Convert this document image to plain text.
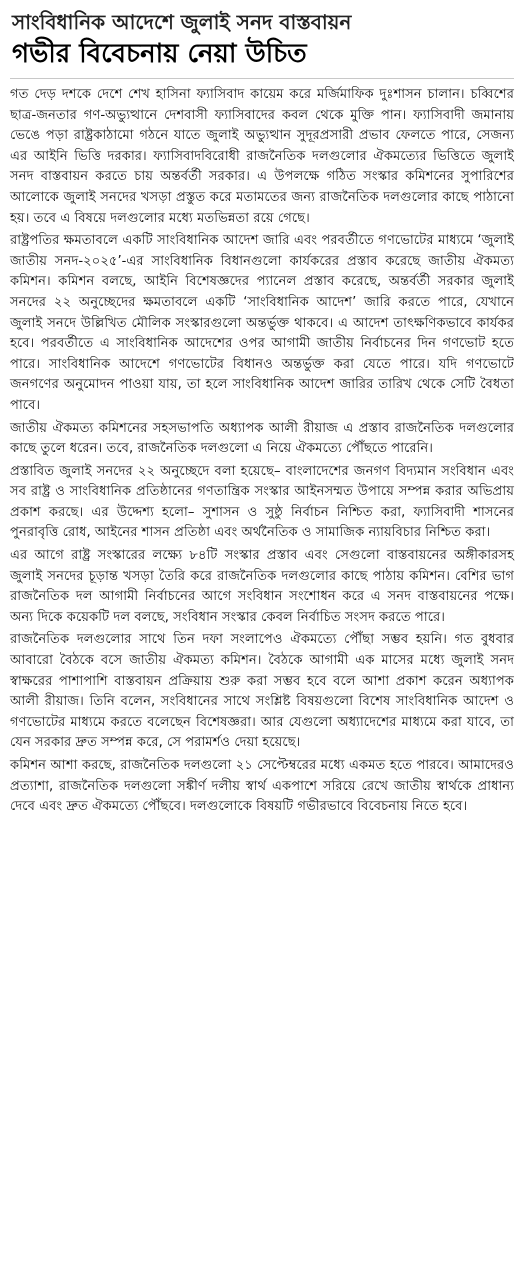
সাংবিধানিক আদেশে জুলাই সনদ বাস্তবায়ন
গভীর বিবেচনায় নেয়া উচিত

গত দেড় দশকে দেশে শেখ হাসিনা ফ্যাসিবাদ কায়েম করে মর্জিমাফিক দুঃশাসন চালান। চব্বিশের ছাত্র-জনতার গণ-অভ্যুত্থানে দেশবাসী ফ্যাসিবাদের কবল থেকে মুক্তি পান। ফ্যাসিবাদী জমানায় ভেঙে পড়া রাষ্ট্রকাঠামো গঠনে যাতে জুলাই অভ্যুত্থান সুদূরপ্রসারী প্রভাব ফেলতে পারে, সেজন্য এর আইনি ভিত্তি দরকার। ফ্যাসিবাদবিরোধী রাজনৈতিক দলগুলোর ঐকমত্যের ভিত্তিতে জুলাই সনদ বাস্তবায়ন করতে চায় অন্তর্বর্তী সরকার। এ উপলক্ষে গঠিত সংস্কার কমিশনের সুপারিশের আলোকে জুলাই সনদের খসড়া প্রস্তুত করে মতামতের জন্য রাজনৈতিক দলগুলোর কাছে পাঠানো হয়। তবে এ বিষয়ে দলগুলোর মধ্যে মতভিন্নতা রয়ে গেছে।

রাষ্ট্রপতির ক্ষমতাবলে একটি সাংবিধানিক আদেশ জারি এবং পরবর্তীতে গণভোটের মাধ্যমে ‘জুলাই জাতীয় সনদ-২০২৫’-এর সাংবিধানিক বিধানগুলো কার্যকরের প্রস্তাব করেছে জাতীয় ঐকমত্য কমিশন। কমিশন বলছে, আইনি বিশেষজ্ঞদের প্যানেল প্রস্তাব করেছে, অন্তর্বর্তী সরকার জুলাই সনদের ২২ অনুচ্ছেদের ক্ষমতাবলে একটি ‘সাংবিধানিক আদেশ’ জারি করতে পারে, যেখানে জুলাই সনদে উল্লিখিত মৌলিক সংস্কারগুলো অন্তর্ভুক্ত থাকবে। এ আদেশ তাৎক্ষণিকভাবে কার্যকর হবে। পরবর্তীতে এ সাংবিধানিক আদেশের ওপর আগামী জাতীয় নির্বাচনের দিন গণভোট হতে পারে। সাংবিধানিক আদেশে গণভোটের বিধানও অন্তর্ভুক্ত করা যেতে পারে। যদি গণভোটে জনগণের অনুমোদন পাওয়া যায়, তা হলে সাংবিধানিক আদেশ জারির তারিখ থেকে সেটি বৈধতা পাবে।

জাতীয় ঐকমত্য কমিশনের সহসভাপতি অধ্যাপক আলী রীয়াজ এ প্রস্তাব রাজনৈতিক দলগুলোর কাছে তুলে ধরেন। তবে, রাজনৈতিক দলগুলো এ নিয়ে ঐকমত্যে পৌঁছতে পারেনি।

প্রস্তাবিত জুলাই সনদের ২২ অনুচ্ছেদে বলা হয়েছে– বাংলাদেশের জনগণ বিদ্যমান সংবিধান এবং সব রাষ্ট্র ও সাংবিধানিক প্রতিষ্ঠানের গণতান্ত্রিক সংস্কার আইনসম্মত উপায়ে সম্পন্ন করার অভিপ্রায় প্রকাশ করছে। এর উদ্দেশ্য হলো– সুশাসন ও সুষ্ঠু নির্বাচন নিশ্চিত করা, ফ্যাসিবাদী শাসনের পুনরাবৃত্তি রোধ, আইনের শাসন প্রতিষ্ঠা এবং অর্থনৈতিক ও সামাজিক ন্যায়বিচার নিশ্চিত করা।

এর আগে রাষ্ট্র সংস্কারের লক্ষ্যে ৮৪টি সংস্কার প্রস্তাব এবং সেগুলো বাস্তবায়নের অঙ্গীকারসহ জুলাই সনদের চূড়ান্ত খসড়া তৈরি করে রাজনৈতিক দলগুলোর কাছে পাঠায় কমিশন। বেশির ভাগ রাজনৈতিক দল আগামী নির্বাচনের আগে সংবিধান সংশোধন করে এ সনদ বাস্তবায়নের পক্ষে। অন্য দিকে কয়েকটি দল বলছে, সংবিধান সংস্কার কেবল নির্বাচিত সংসদ করতে পারে।

রাজনৈতিক দলগুলোর সাথে তিন দফা সংলাপেও ঐকমত্যে পৌঁছা সম্ভব হয়নি। গত বুধবার আবারো বৈঠকে বসে জাতীয় ঐকমত্য কমিশন। বৈঠকে আগামী এক মাসের মধ্যে জুলাই সনদ স্বাক্ষরের পাশাপাশি বাস্তবায়ন প্রক্রিয়ায় শুরু করা সম্ভব হবে বলে আশা প্রকাশ করেন অধ্যাপক আলী রীয়াজ। তিনি বলেন, সংবিধানের সাথে সংশ্লিষ্ট বিষয়গুলো বিশেষ সাংবিধানিক আদেশ ও গণভোটের মাধ্যমে করতে বলেছেন বিশেষজ্ঞরা। আর যেগুলো অধ্যাদেশের মাধ্যমে করা যাবে, তা যেন সরকার দ্রুত সম্পন্ন করে, সে পরামর্শও দেয়া হয়েছে।

কমিশন আশা করছে, রাজনৈতিক দলগুলো ২১ সেপ্টেম্বরের মধ্যে একমত হতে পারবে। আমাদেরও প্রত্যাশা, রাজনৈতিক দলগুলো সঙ্কীর্ণ দলীয় স্বার্থ একপাশে সরিয়ে রেখে জাতীয় স্বার্থকে প্রাধান্য দেবে এবং দ্রুত ঐকমত্যে পৌঁছবে। দলগুলোকে বিষয়টি গভীরভাবে বিবেচনায় নিতে হবে।
